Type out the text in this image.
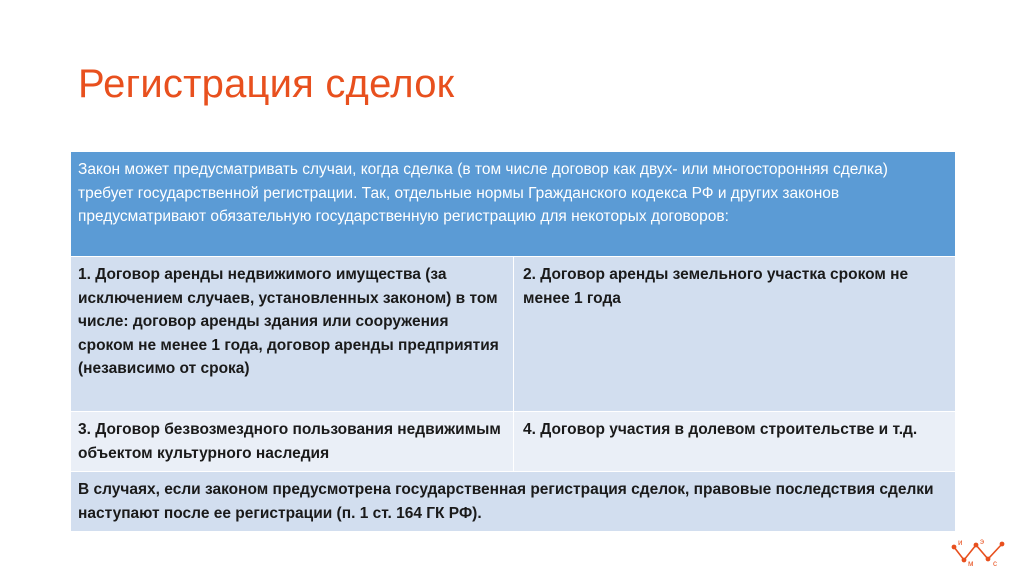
Регистрация сделок
Закон может предусматривать случаи, когда сделка (в том числе договор как двух- или многосторонняя сделка) требует государственной регистрации. Так, отдельные нормы Гражданского кодекса РФ и других законов предусматривают обязательную государственную регистрацию для некоторых договоров:	
1. Договор аренды недвижимого имущества (за исключением случаев, установленных законом) в том числе: договор аренды здания или сооружения сроком не менее 1 года, договор аренды предприятия (независимо от срока)	2. Договор аренды земельного участка сроком не менее 1 года
3. Договор безвозмездного пользования недвижимым объектом культурного наследия	4. Договор участия в долевом строительстве и т.д.
В случаях, если законом предусмотрена государственная регистрация сделок, правовые последствия сделки наступают после ее регистрации (п. 1 ст. 164 ГК РФ).	
и
м
э
с
